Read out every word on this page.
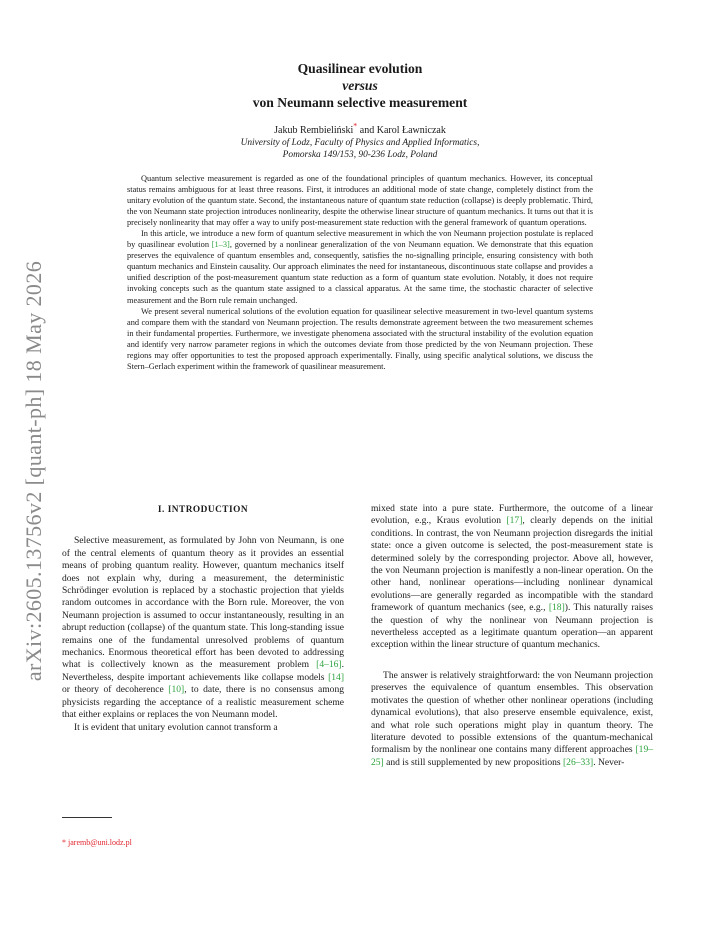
arXiv:2605.13756v2 [quant-ph] 18 May 2026
Quasilinear evolution
versus
von Neumann selective measurement
Jakub Rembieliński* and Karol Ławniczak
University of Lodz, Faculty of Physics and Applied Informatics,
Pomorska 149/153, 90-236 Lodz, Poland

Quantum selective measurement is regarded as one of the foundational principles of quantum mechanics. However, its conceptual status remains ambiguous for at least three reasons. First, it introduces an additional mode of state change, completely distinct from the unitary evolution of the quantum state. Second, the instantaneous nature of quantum state reduction (collapse) is deeply problematic. Third, the von Neumann state projection introduces nonlinearity, despite the otherwise linear structure of quantum mechanics. It turns out that it is precisely nonlinearity that may offer a way to unify post-measurement state reduction with the general framework of quantum operations.

In this article, we introduce a new form of quantum selective measurement in which the von Neumann projection postulate is replaced by quasilinear evolution [1–3], governed by a nonlinear generalization of the von Neumann equation. We demonstrate that this equation preserves the equivalence of quantum ensembles and, consequently, satisfies the no-signalling principle, ensuring consistency with both quantum mechanics and Einstein causality. Our approach eliminates the need for instantaneous, discontinuous state collapse and provides a unified description of the post-measurement quantum state reduction as a form of quantum state evolution. Notably, it does not require invoking concepts such as the quantum state assigned to a classical apparatus. At the same time, the stochastic character of selective measurement and the Born rule remain unchanged.

We present several numerical solutions of the evolution equation for quasilinear selective measurement in two-level quantum systems and compare them with the standard von Neumann projection. The results demonstrate agreement between the two measurement schemes in their fundamental properties. Furthermore, we investigate phenomena associated with the structural instability of the evolution equation and identify very narrow parameter regions in which the outcomes deviate from those predicted by the von Neumann projection. These regions may offer opportunities to test the proposed approach experimentally. Finally, using specific analytical solutions, we discuss the Stern–Gerlach experiment within the framework of quasilinear measurement.

I. INTRODUCTION

Selective measurement, as formulated by John von Neumann, is one of the central elements of quantum theory as it provides an essential means of probing quantum reality. However, quantum mechanics itself does not explain why, during a measurement, the deterministic Schrödinger evolution is replaced by a stochastic projection that yields random outcomes in accordance with the Born rule. Moreover, the von Neumann projection is assumed to occur instantaneously, resulting in an abrupt reduction (collapse) of the quantum state. This long-standing issue remains one of the fundamental unresolved problems of quantum mechanics. Enormous theoretical effort has been devoted to addressing what is collectively known as the measurement problem [4–16]. Nevertheless, despite important achievements like collapse models [14] or theory of decoherence [10], to date, there is no consensus among physicists regarding the acceptance of a realistic measurement scheme that either explains or replaces the von Neumann model.

It is evident that unitary evolution cannot transform a

mixed state into a pure state. Furthermore, the outcome of a linear evolution, e.g., Kraus evolution [17], clearly depends on the initial conditions. In contrast, the von Neumann projection disregards the initial state: once a given outcome is selected, the post-measurement state is determined solely by the corresponding projector. Above all, however, the von Neumann projection is manifestly a non-linear operation. On the other hand, nonlinear operations—including nonlinear dynamical evolutions—are generally regarded as incompatible with the standard framework of quantum mechanics (see, e.g., [18]). This naturally raises the question of why the nonlinear von Neumann projection is nevertheless accepted as a legitimate quantum operation—an apparent exception within the linear structure of quantum mechanics.

The answer is relatively straightforward: the von Neumann projection preserves the equivalence of quantum ensembles. This observation motivates the question of whether other nonlinear operations (including dynamical evolutions), that also preserve ensemble equivalence, exist, and what role such operations might play in quantum theory. The literature devoted to possible extensions of the quantum-mechanical formalism by the nonlinear one contains many different approaches [19–25] and is still supplemented by new propositions [26–33]. Never-

* jaremb@uni.lodz.pl
